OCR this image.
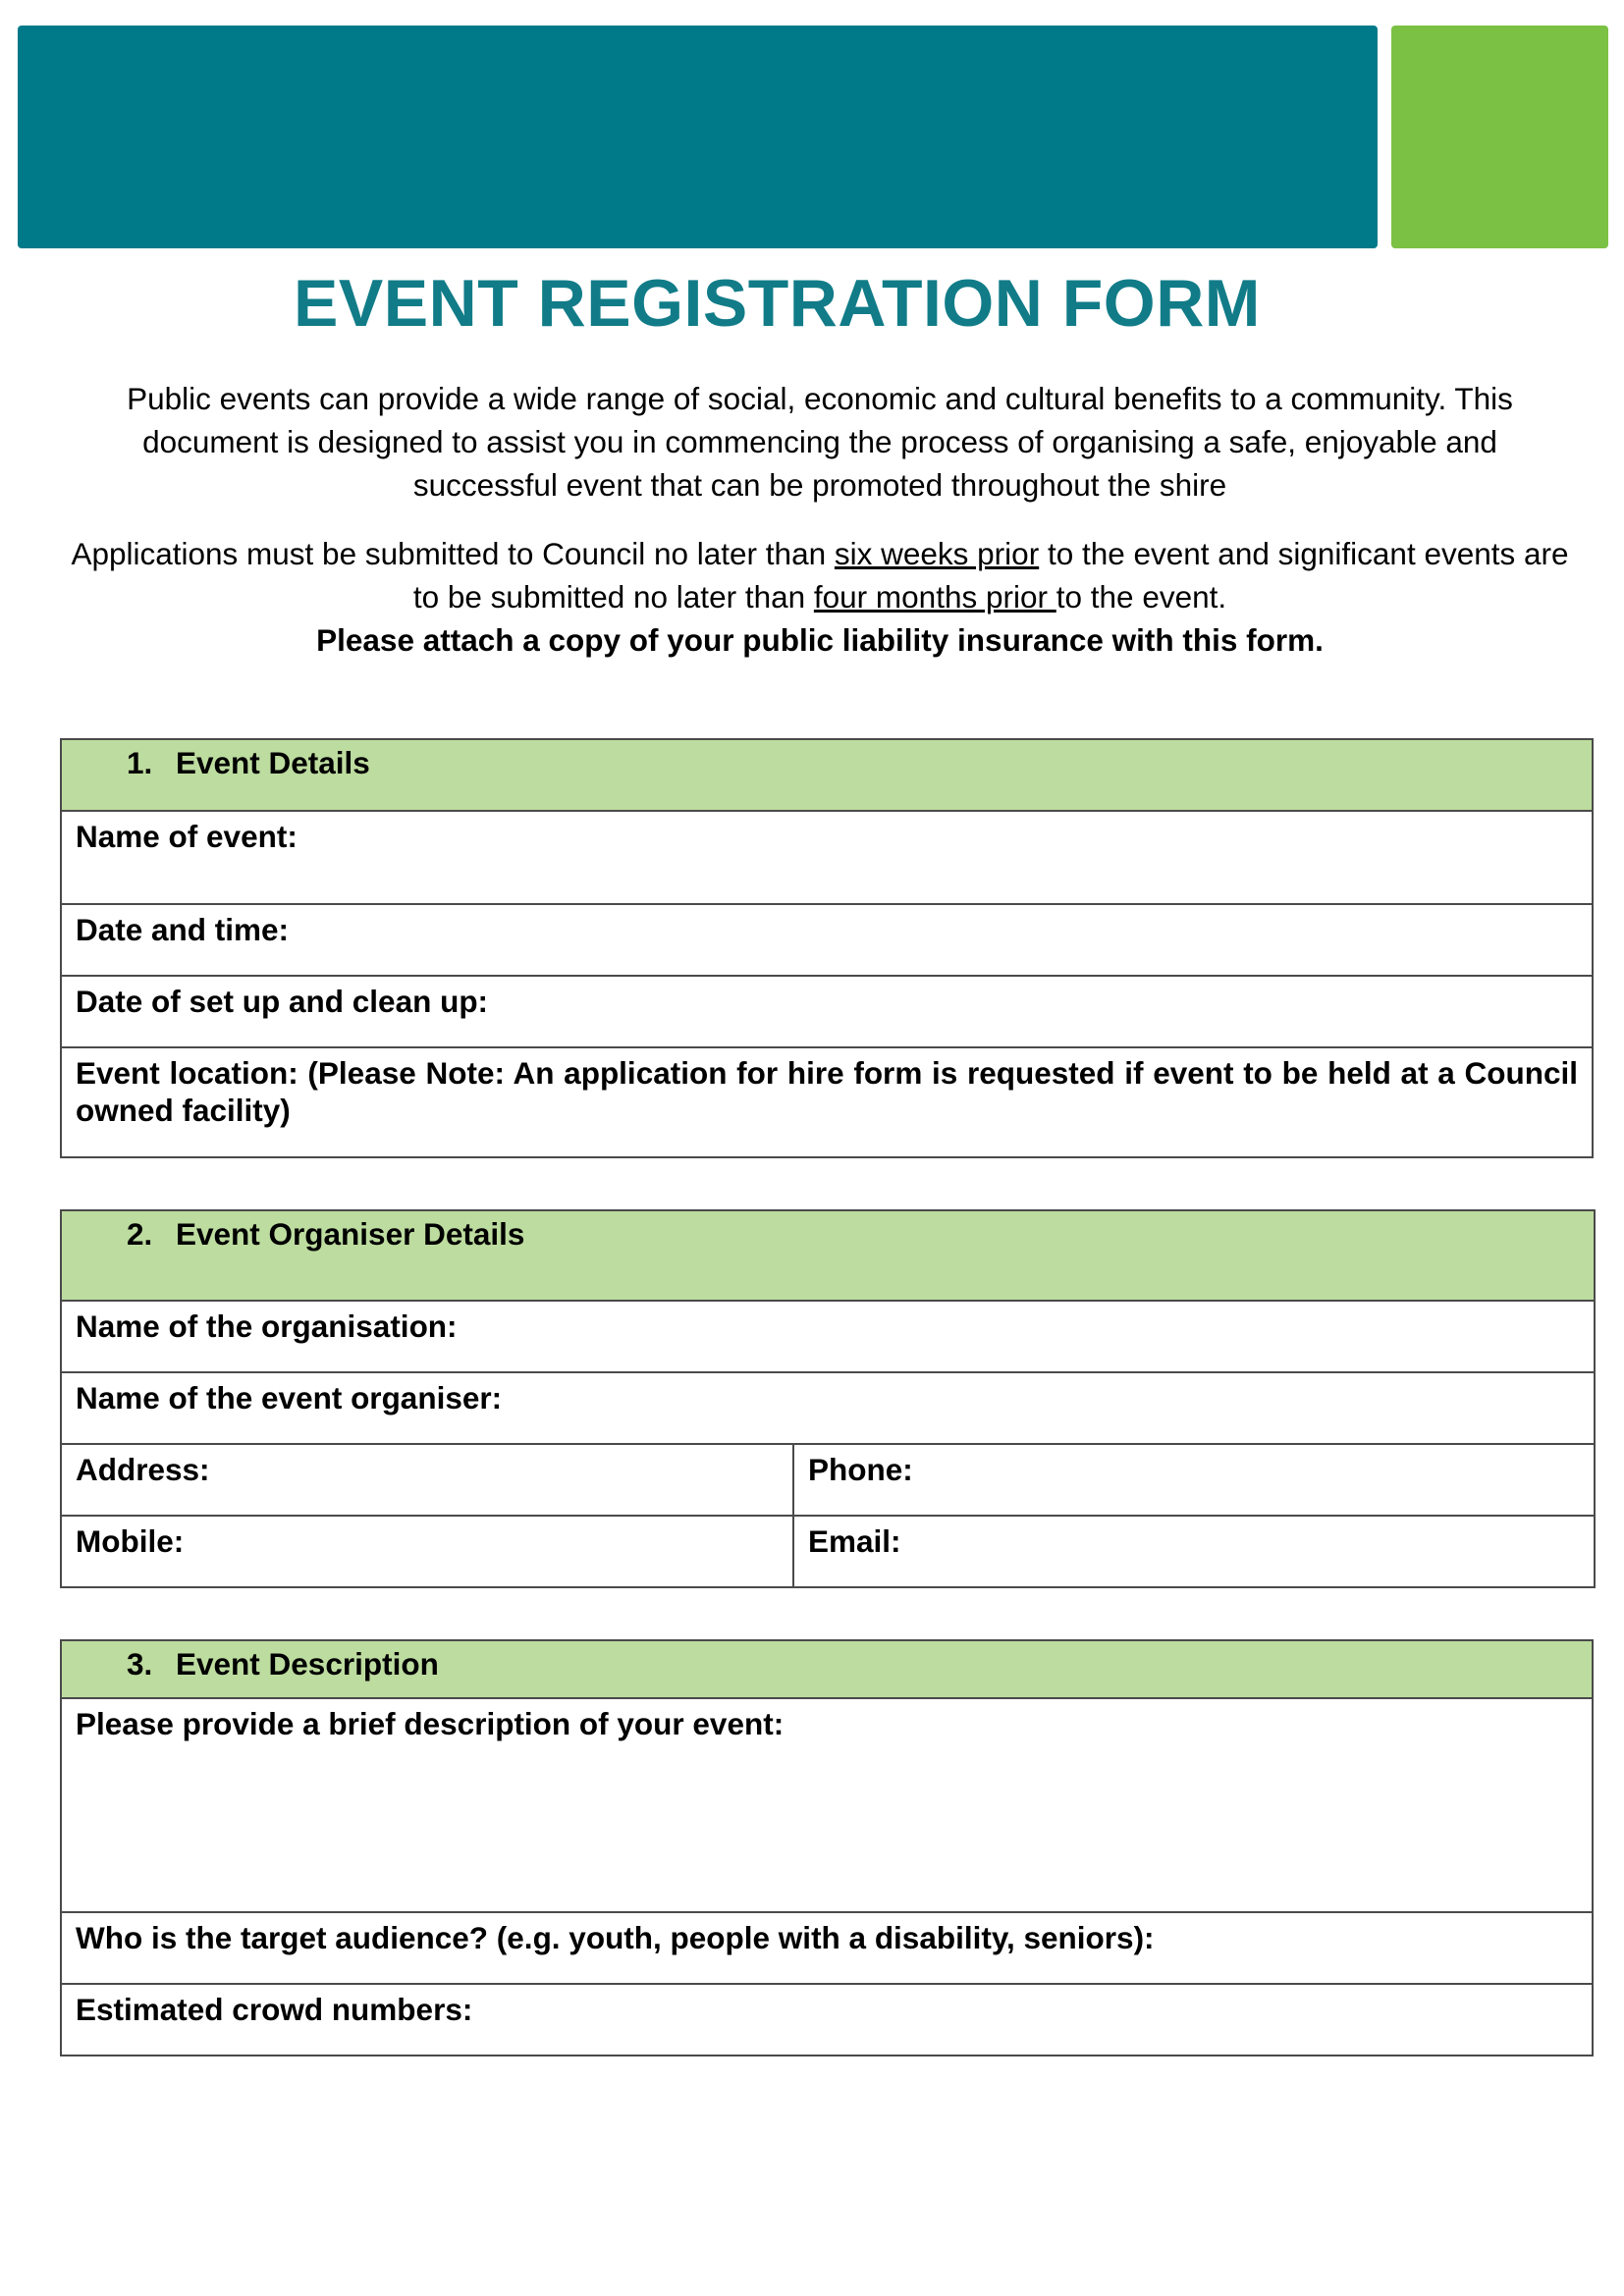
EVENT REGISTRATION FORM

Public events can provide a wide range of social, economic and cultural benefits to a community. This document is designed to assist you in commencing the process of organising a safe, enjoyable and successful event that can be promoted throughout the shire

Applications must be submitted to Council no later than six weeks prior to the event and significant events are to be submitted no later than four months prior to the event.

Please attach a copy of your public liability insurance with this form.

1. Event Details
Name of event:
Date and time:
Date of set up and clean up:
Event location: (Please Note: An application for hire form is requested if event to be held at a Council owned facility)
2. Event Organiser Details	
Name of the organisation:	
Name of the event organiser:	
Address:	Phone:
Mobile:	Email:
3. Event Description
Please provide a brief description of your event:
Who is the target audience? (e.g. youth, people with a disability, seniors):
Estimated crowd numbers:
